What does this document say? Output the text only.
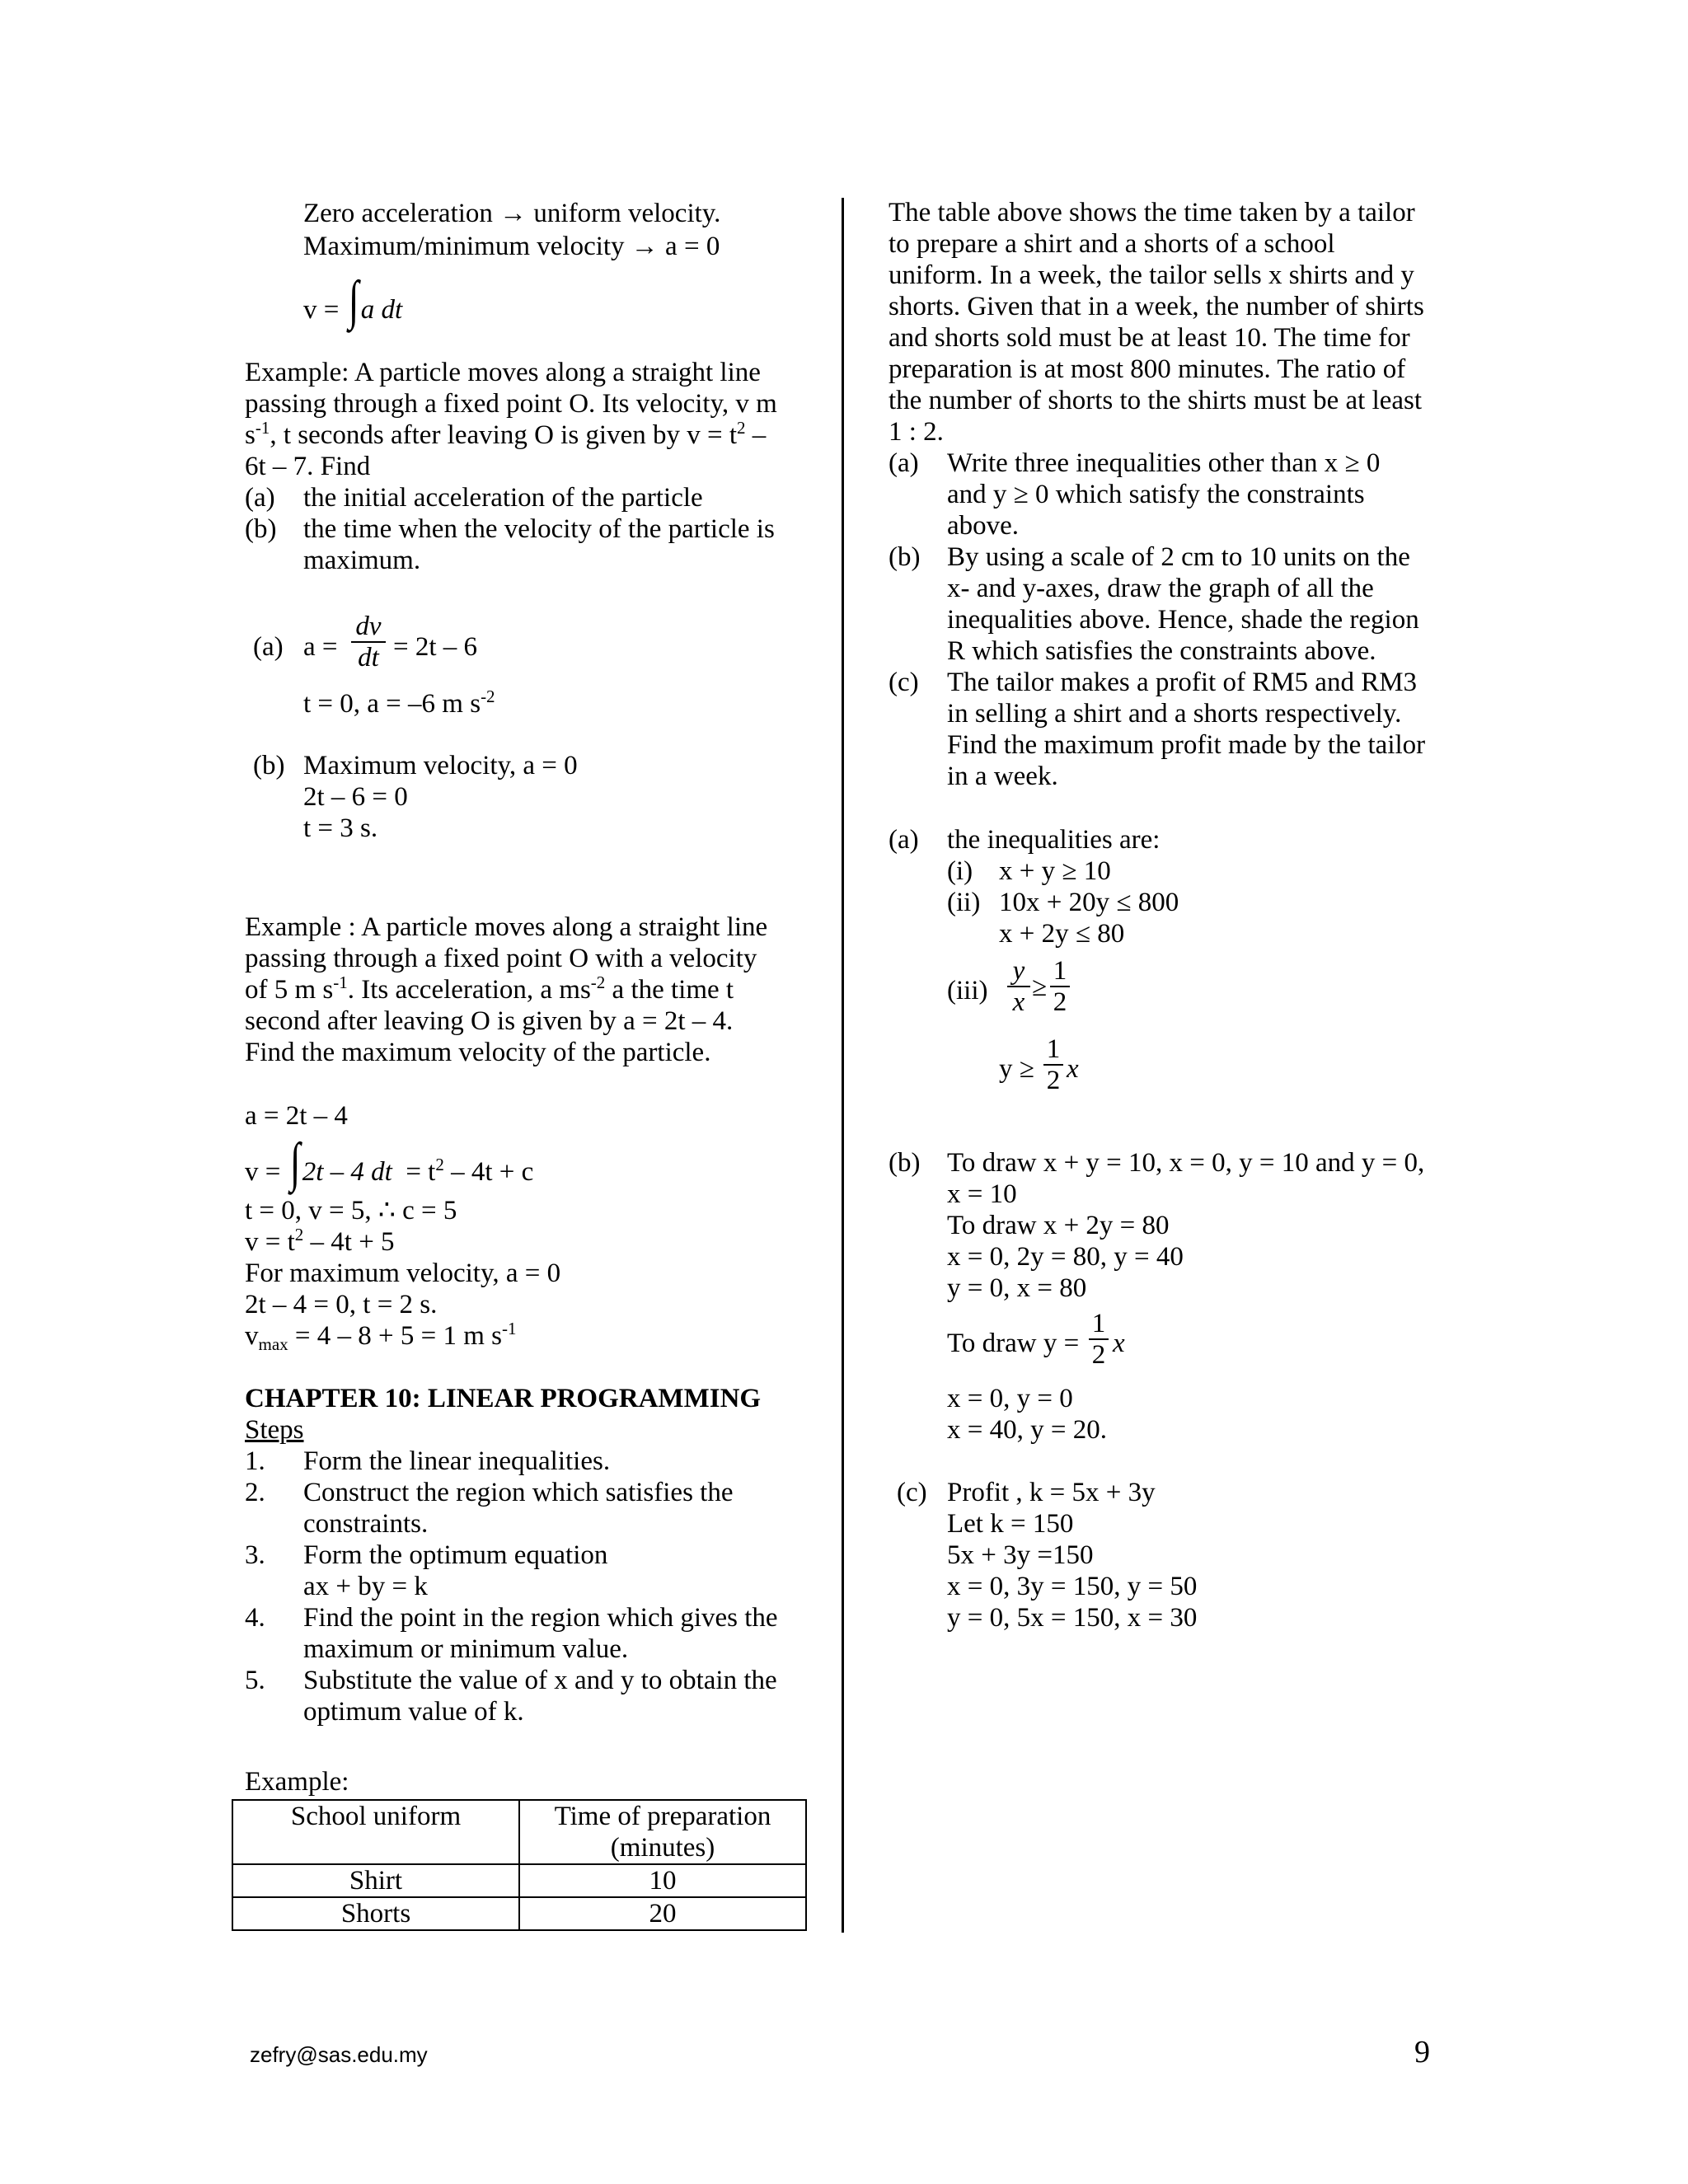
Zero acceleration → uniform velocity.
Maximum/minimum velocity → a = 0
v = ∫a dt
Example: A particle moves along a straight line
passing through a fixed point O. Its velocity, v m
$s^{-1}$, t seconds after leaving O is given by $v = t^2$ –
6t – 7. Find
(a) the initial acceleration of the particle
(b) the time when the velocity of the particle is
maximum.
(a) a =
dv
dt = 2t – 6
t = 0, a = –6 m $s^{-2}$
(b) Maximum velocity, a = 0
2t – 6 = 0
t = 3 s.
Example : A particle moves along a straight line
passing through a fixed point O with a velocity
of 5 m $s^{-1}$. Its acceleration, a $ms^{-2}$ a the time t
second after leaving O is given by a = 2t – 4.
Find the maximum velocity of the particle.
a = 2t – 4
v = ∫2t – 4 dt = $t^2 - 4t + c$
t = 0, v = 5, ∴ c = 5
$v = t^2 - 4t + 5$
For maximum velocity, a = 0
2t – 4 = 0, t = 2 s.
$v_{max} = 4 - 8 + 5 = 1$ m $s^{-1}$
CHAPTER 10: LINEAR PROGRAMMING
Steps
1. Form the linear inequalities.
2. Construct the region which satisfies the
constraints.
3. Form the optimum equation
ax + by = k
4. Find the point in the region which gives the
maximum or minimum value.
5. Substitute the value of x and y to obtain the
optimum value of k.
Example:
School uniform	Time of preparation
(minutes)
Shirt	10
Shorts	20
The table above shows the time taken by a tailor
to prepare a shirt and a shorts of a school
uniform. In a week, the tailor sells x shirts and y
shorts. Given that in a week, the number of shirts
and shorts sold must be at least 10. The time for
preparation is at most 800 minutes. The ratio of
the number of shorts to the shirts must be at least
1 : 2.
(a) Write three inequalities other than x ≥ 0
and y ≥ 0 which satisfy the constraints
above.
(b) By using a scale of 2 cm to 10 units on the
x- and y-axes, draw the graph of all the
inequalities above. Hence, shade the region
R which satisfies the constraints above.
(c) The tailor makes a profit of RM5 and RM3
in selling a shirt and a shorts respectively.
Find the maximum profit made by the tailor
in a week.
(a) the inequalities are:
(i) x + y ≥ 10
(ii) 10x + 20y ≤ 800
x + 2y ≤ 80
(iii)
y
x ≥
1
2
y ≥
1
2 x
(b) To draw x + y = 10, x = 0, y = 10 and y = 0,
x = 10
To draw x + 2y = 80
x = 0, 2y = 80, y = 40
y = 0, x = 80
To draw y =
1
2 x
x = 0, y = 0
x = 40, y = 20.
(c) Profit , k = 5x + 3y
Let k = 150
5x + 3y =150
x = 0, 3y = 150, y = 50
y = 0, 5x = 150, x = 30
zefry@sas.edu.my	9
